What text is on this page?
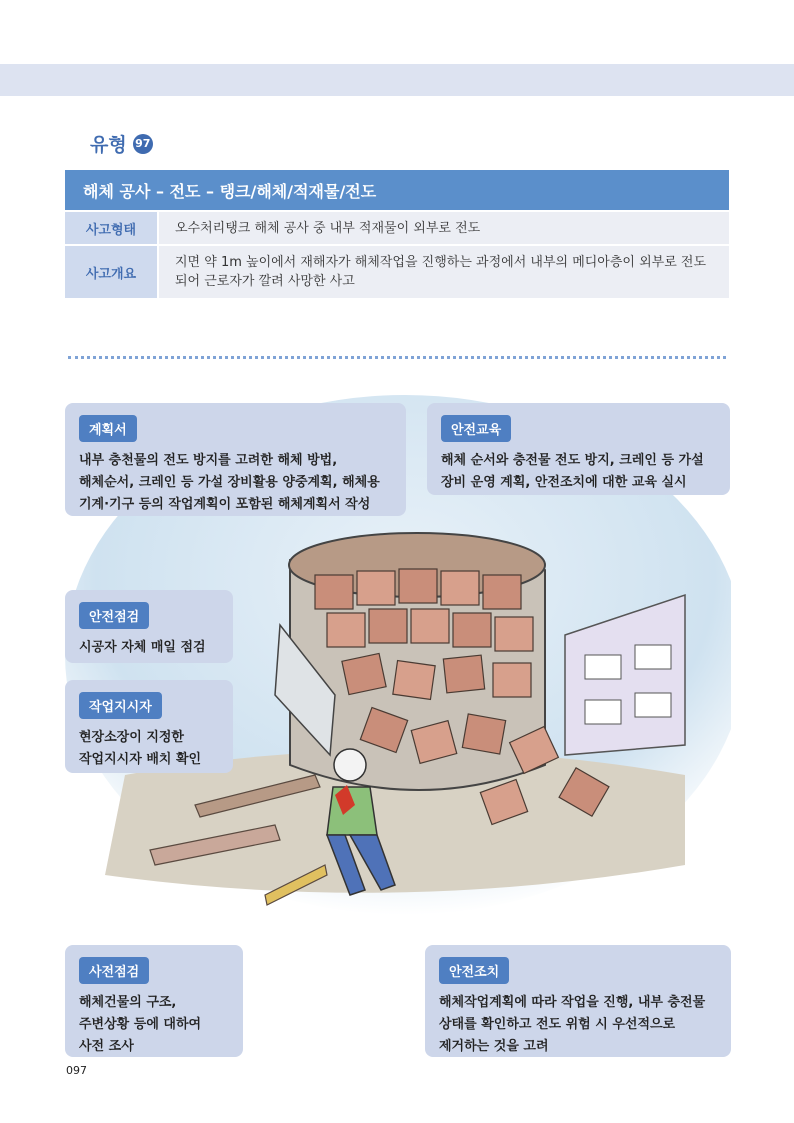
유형 97
해체 공사 – 전도 – 탱크/해체/적재물/전도
사고형태	오수처리탱크 해체 공사 중 내부 적재물이 외부로 전도
사고개요
지면 약 1m 높이에서 재해자가 해체작업을 진행하는 과정에서 내부의 메디아층이 외부로 전도되어 근로자가 깔려 사망한 사고
계획서
내부 충천물의 전도 방지를 고려한 해체 방법,
해체순서, 크레인 등 가설 장비활용 양중계획, 해체용
기계·기구 등의 작업계획이 포함된 해체계획서 작성
안전교육
해체 순서와 충전물 전도 방지, 크레인 등 가설
장비 운영 계획, 안전조치에 대한 교육 실시
안전점검
시공자 자체 매일 점검
작업지시자
현장소장이 지정한
작업지시자 배치 확인
사전점검
해체건물의 구조,
주변상황 등에 대하여
사전 조사
안전조치
해체작업계획에 따라 작업을 진행, 내부 충전물
상태를 확인하고 전도 위험 시 우선적으로
제거하는 것을 고려
097
